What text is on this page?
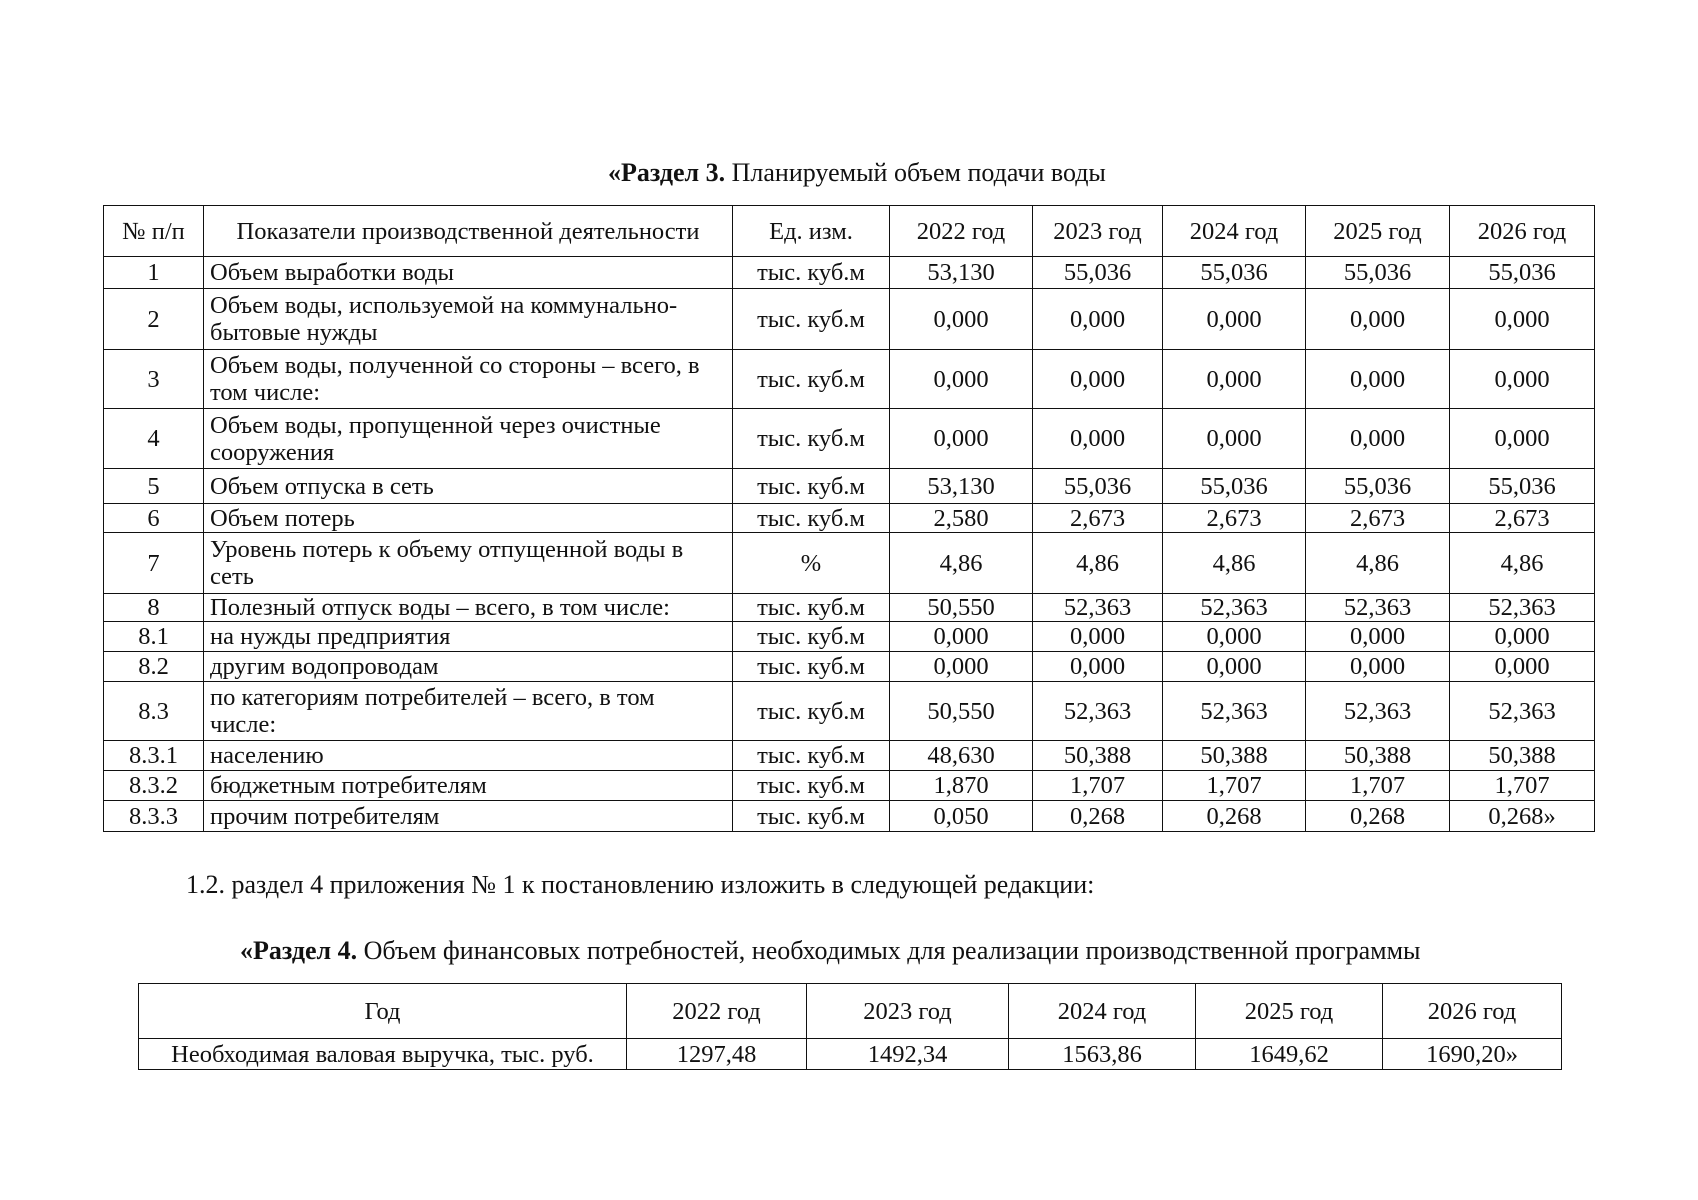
«Раздел 3. Планируемый объем подачи воды
№ п/п	Показатели производственной деятельности	Ед. изм.	2022 год	2023 год	2024 год	2025 год	2026 год
1	Объем выработки воды	тыс. куб.м	53,130	55,036	55,036	55,036	55,036
2	Объем воды, используемой на коммунально-бытовые нужды	тыс. куб.м	0,000	0,000	0,000	0,000	0,000
3	Объем воды, полученной со стороны – всего, в том числе:	тыс. куб.м	0,000	0,000	0,000	0,000	0,000
4	Объем воды, пропущенной через очистные сооружения	тыс. куб.м	0,000	0,000	0,000	0,000	0,000
5	Объем отпуска в сеть	тыс. куб.м	53,130	55,036	55,036	55,036	55,036
6	Объем потерь	тыс. куб.м	2,580	2,673	2,673	2,673	2,673
7	Уровень потерь к объему отпущенной воды в сеть	%	4,86	4,86	4,86	4,86	4,86
8	Полезный отпуск воды – всего, в том числе:	тыс. куб.м	50,550	52,363	52,363	52,363	52,363
8.1	на нужды предприятия	тыс. куб.м	0,000	0,000	0,000	0,000	0,000
8.2	другим водопроводам	тыс. куб.м	0,000	0,000	0,000	0,000	0,000
8.3	по категориям потребителей – всего, в том числе:	тыс. куб.м	50,550	52,363	52,363	52,363	52,363
8.3.1	населению	тыс. куб.м	48,630	50,388	50,388	50,388	50,388
8.3.2	бюджетным потребителям	тыс. куб.м	1,870	1,707	1,707	1,707	1,707
8.3.3	прочим потребителям	тыс. куб.м	0,050	0,268	0,268	0,268	0,268»
1.2. раздел 4 приложения № 1 к постановлению изложить в следующей редакции:
«Раздел 4. Объем финансовых потребностей, необходимых для реализации производственной программы
Год	2022 год	2023 год	2024 год	2025 год	2026 год
Необходимая валовая выручка, тыс. руб.	1297,48	1492,34	1563,86	1649,62	1690,20»
